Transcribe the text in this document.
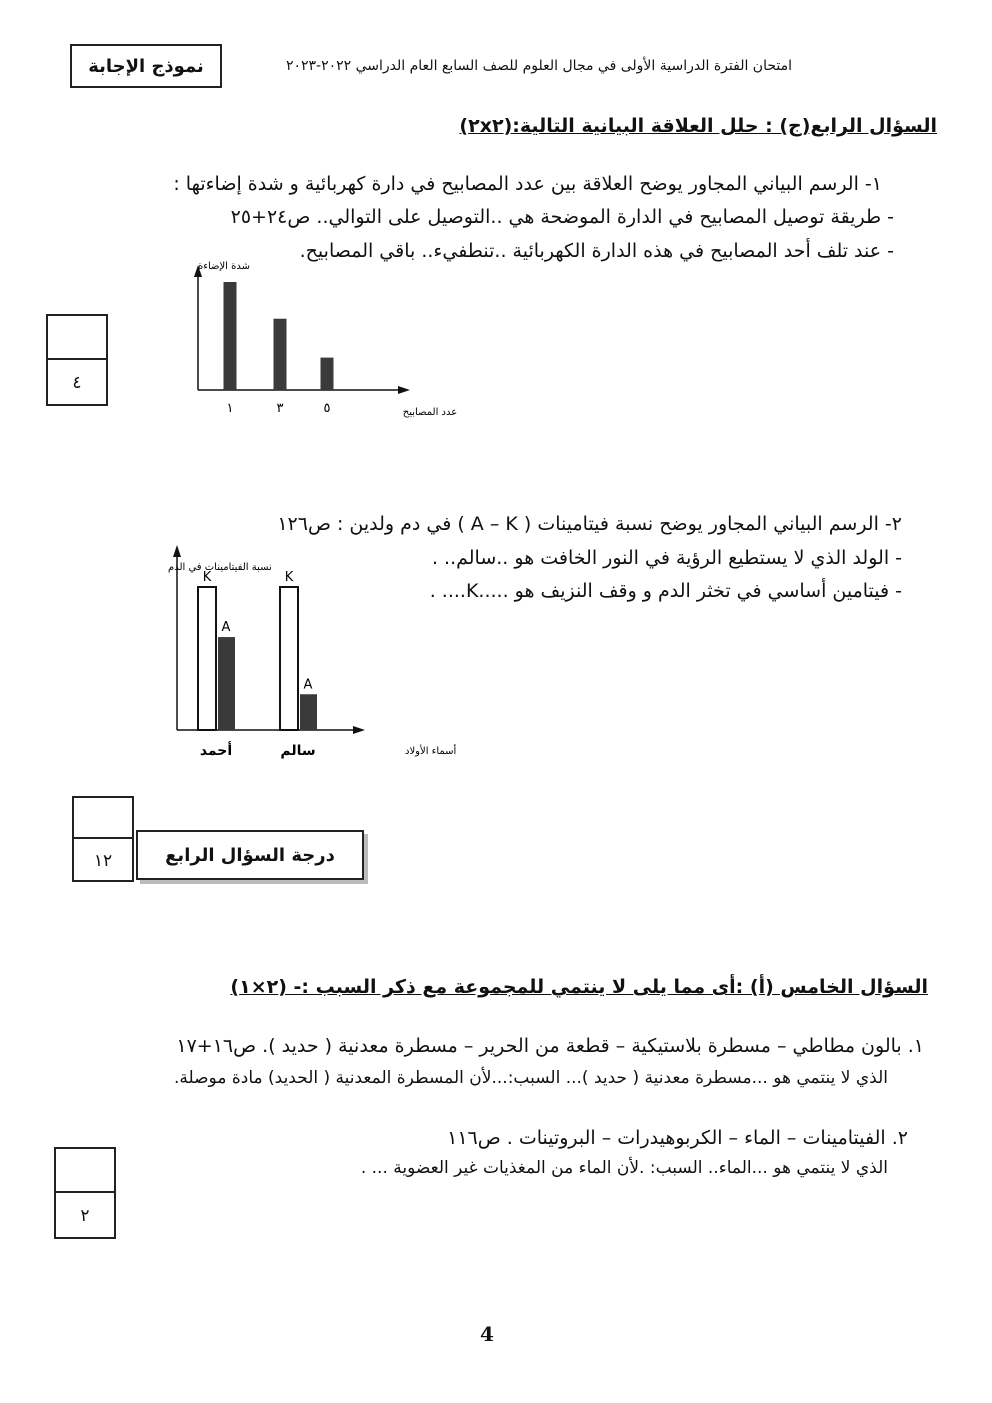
امتحان الفترة الدراسية الأولى في مجال العلوم للصف السابع العام الدراسي ٢٠٢٢-٢٠٢٣
نموذج الإجابة
السؤال الرابع(ج) : حلل العلاقة البيانية التالية:(٢x٢)
١- الرسم البياني المجاور يوضح العلاقة بين عدد المصابيح في دارة كهربائية و شدة إضاءتها :
- طريقة توصيل المصابيح في الدارة الموضحة هي ..التوصيل على التوالي.. ص٢٤+٢٥
- عند تلف أحد المصابيح في هذه الدارة الكهربائية ..تنطفيء.. باقي المصابيح.
٤
شدة الإضاءة
عدد المصابيح
١	٣	٥
٢- الرسم البياني المجاور يوضح نسبة فيتامينات ( A – K ) في دم ولدين : ص١٢٦
- الولد الذي لا يستطيع الرؤية في النور الخافت هو ..سالم.. .
- فيتامين أساسي في تخثر الدم و وقف النزيف هو .....K.... .
نسبة الفيتامينات في الدم
أسماء الأولاد
K
A
أحمد
K
A
سالم
١٢	درجة السؤال الرابع
السؤال الخامس (أ) :أى مما يلى لا ينتمي للمجموعة مع ذكر السبب :- (٢×١)
١. بالون مطاطي – مسطرة بلاستيكية – قطعة من الحرير – مسطرة معدنية ( حديد ). ص١٦+١٧
الذي لا ينتمي هو ...مسطرة معدنية ( حديد )... السبب:...لأن المسطرة المعدنية ( الحديد) مادة موصلة.
٢. الفيتامينات – الماء – الكربوهيدرات – البروتينات . ص١١٦
الذي لا ينتمي هو ...الماء.. السبب: .لأن الماء من المغذيات غير العضوية ... .
٢
4
